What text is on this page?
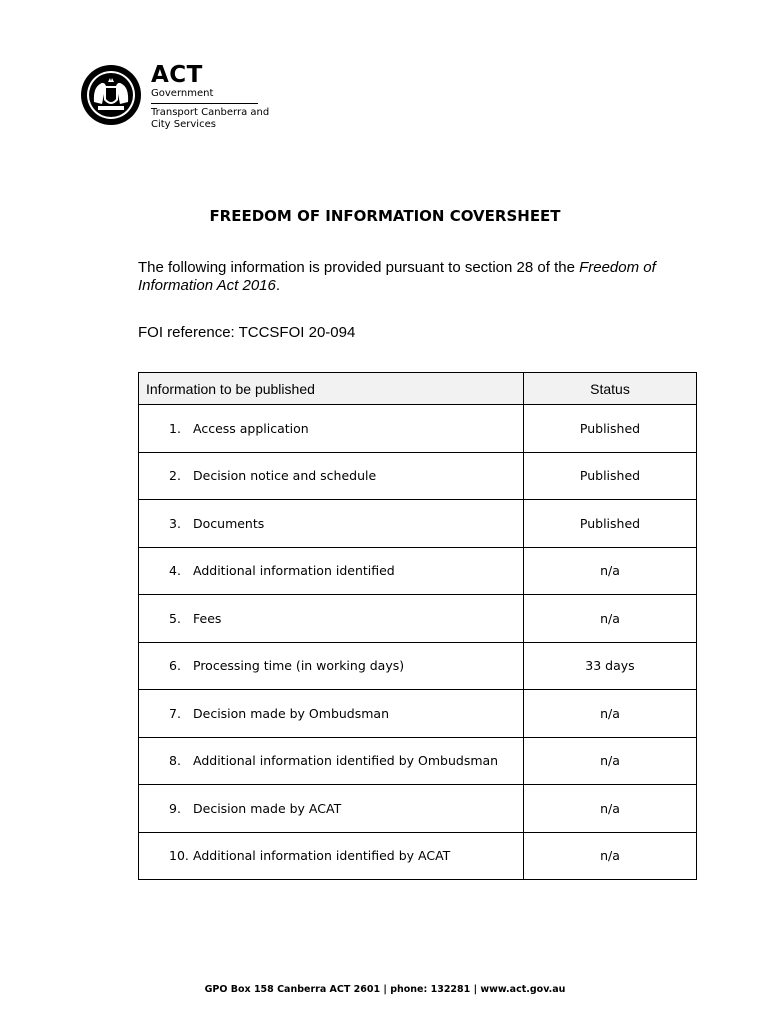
ACT
Government
Transport Canberra and City Services
FREEDOM OF INFORMATION COVERSHEET
The following information is provided pursuant to section 28 of the Freedom of Information Act 2016.
FOI reference: TCCSFOI 20-094
Information to be published	Status
1. Access application	Published
2. Decision notice and schedule	Published
3. Documents	Published
4. Additional information identified	n/a
5. Fees	n/a
6. Processing time (in working days)	33 days
7. Decision made by Ombudsman	n/a
8. Additional information identified by Ombudsman	n/a
9. Decision made by ACAT	n/a
10. Additional information identified by ACAT	n/a
GPO Box 158 Canberra ACT 2601 | phone: 132281 | www.act.gov.au
